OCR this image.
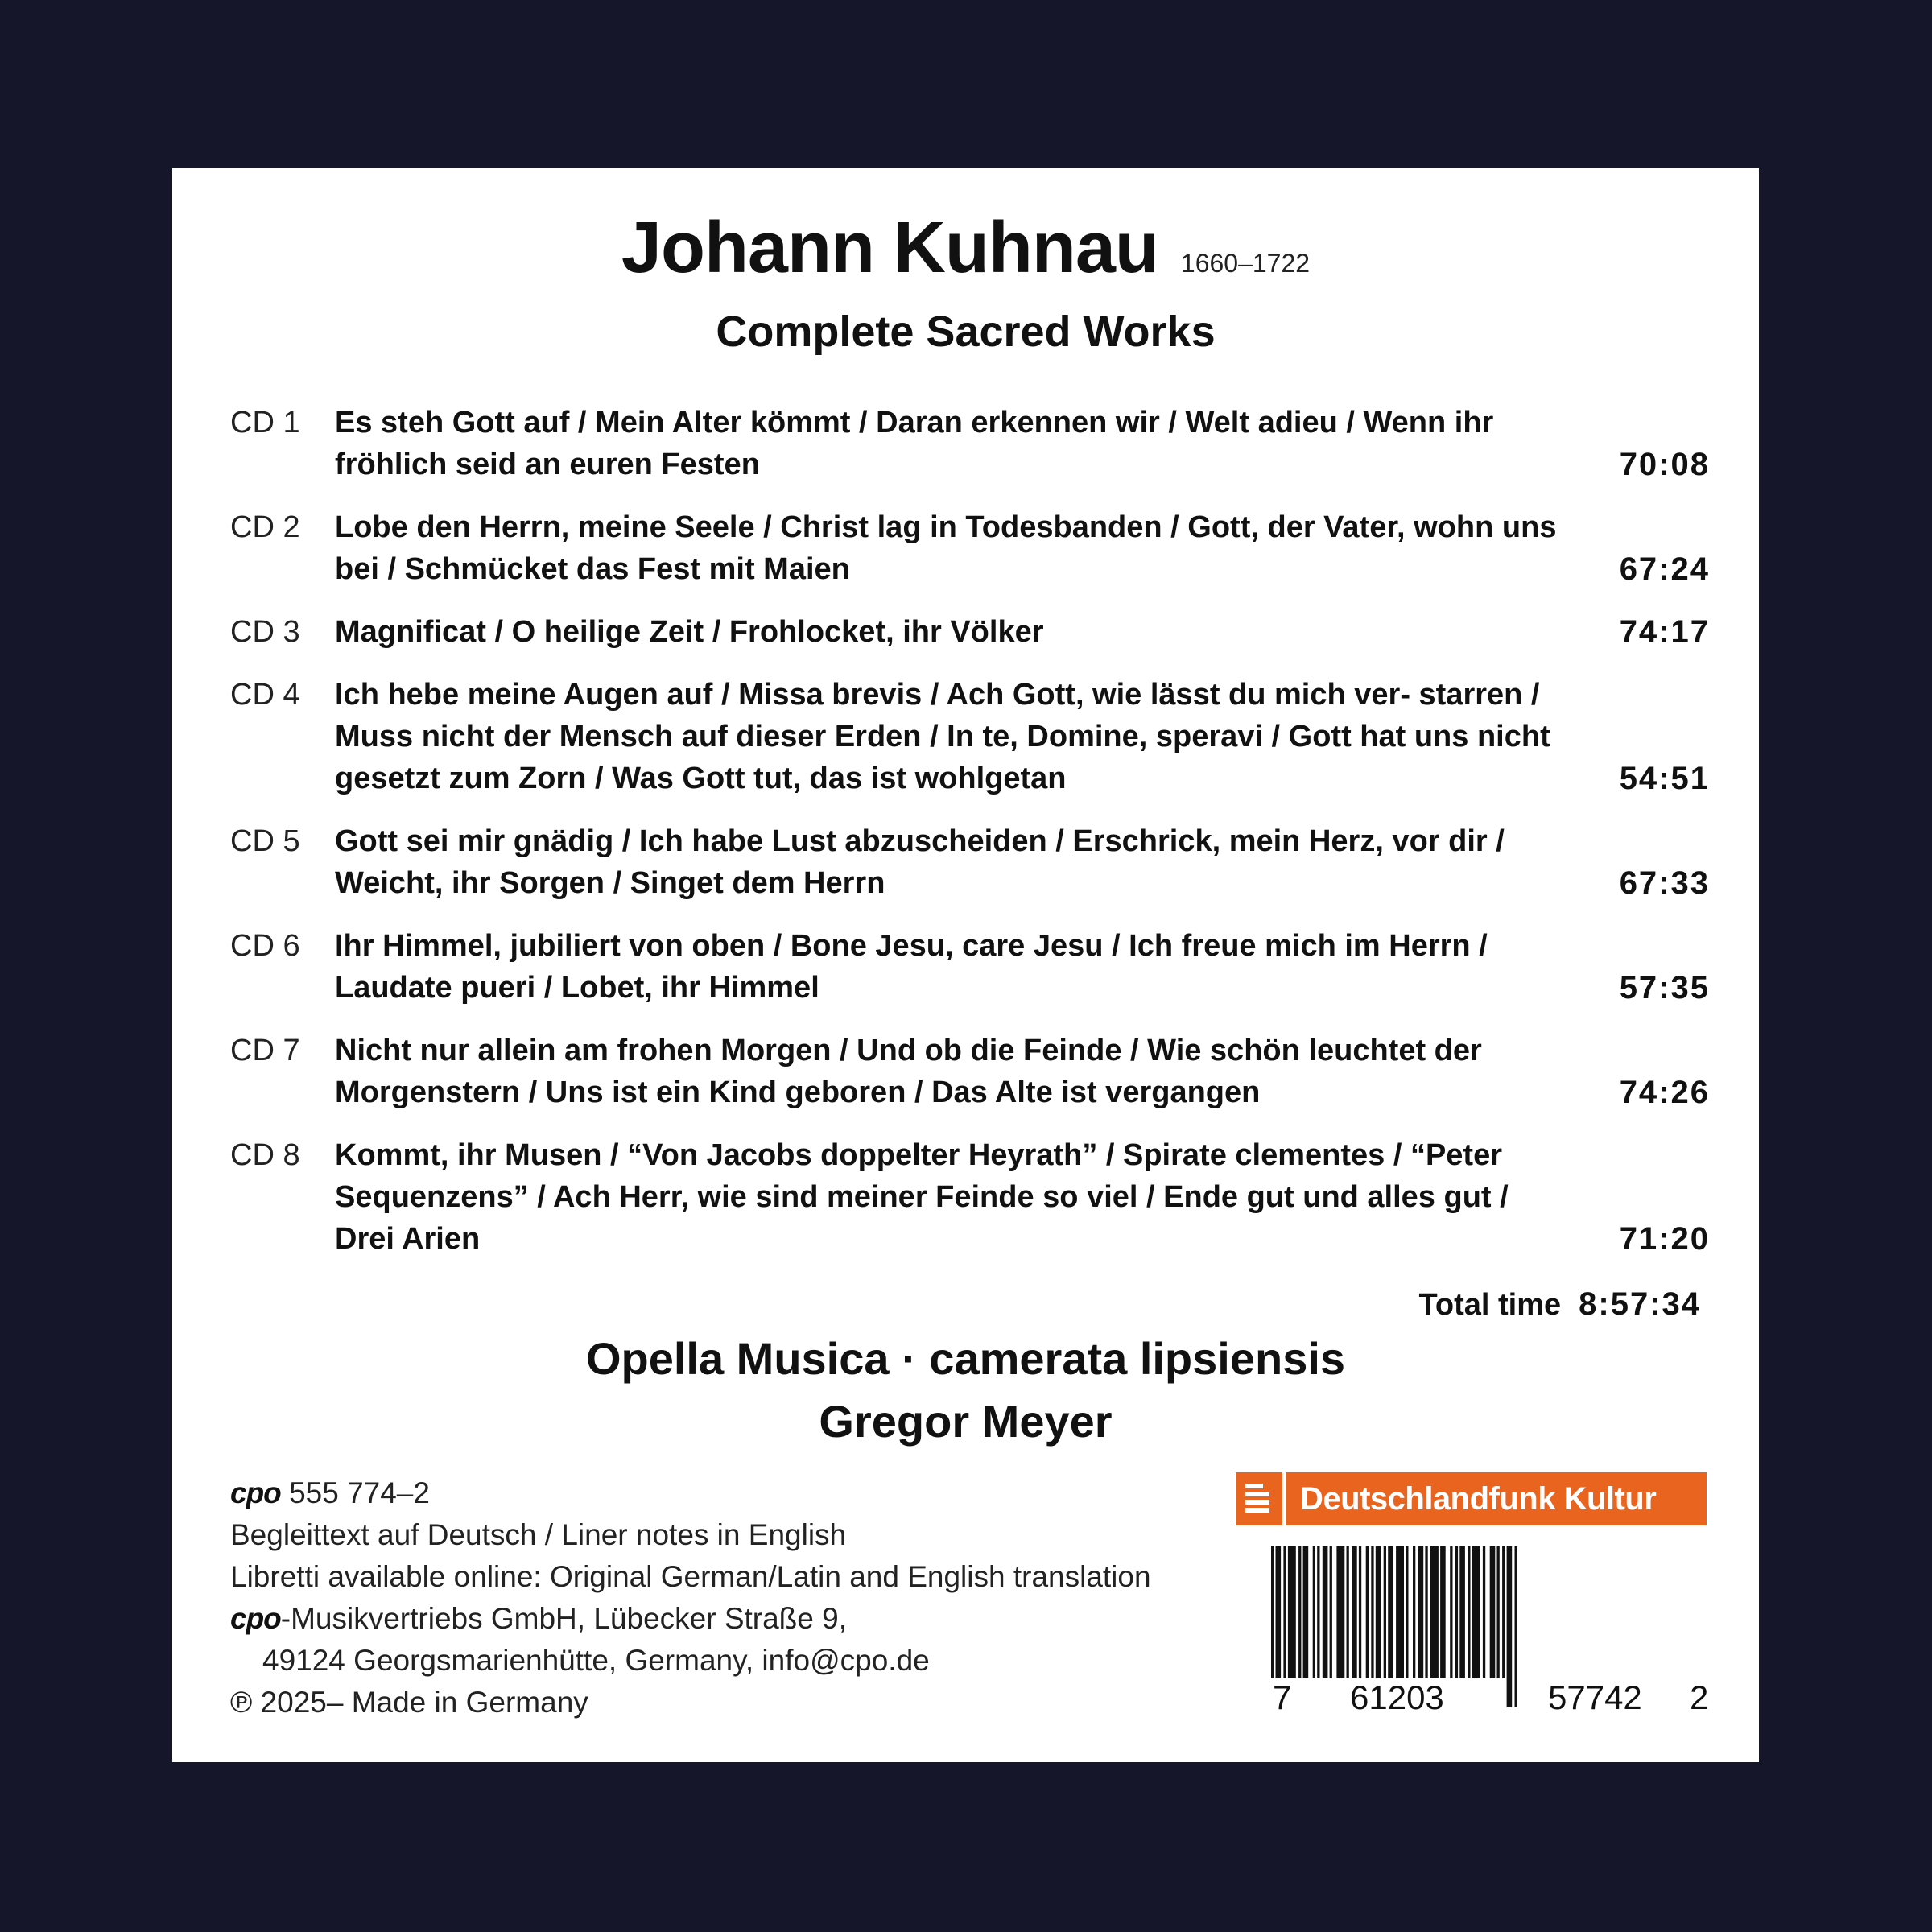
Johann Kuhnau 1660–1722
Complete Sacred Works
CD 1 Es steh Gott auf / Mein Alter kömmt / Daran erkennen wir / Welt adieu / Wenn ihr fröhlich seid an euren Festen	70:08
CD 2 Lobe den Herrn, meine Seele / Christ lag in Todesbanden / Gott, der Vater, wohn uns bei / Schmücket das Fest mit Maien	67:24
CD 3 Magnificat / O heilige Zeit / Frohlocket, ihr Völker	74:17
CD 4 Ich hebe meine Augen auf / Missa brevis / Ach Gott, wie lässt du mich ver- starren / Muss nicht der Mensch auf dieser Erden / In te, Domine, speravi / Gott hat uns nicht gesetzt zum Zorn / Was Gott tut, das ist wohlgetan	54:51
CD 5 Gott sei mir gnädig / Ich habe Lust abzuscheiden / Erschrick, mein Herz, vor dir / Weicht, ihr Sorgen / Singet dem Herrn	67:33
CD 6 Ihr Himmel, jubiliert von oben / Bone Jesu, care Jesu / Ich freue mich im Herrn / Laudate pueri / Lobet, ihr Himmel	57:35
CD 7 Nicht nur allein am frohen Morgen / Und ob die Feinde / Wie schön leuchtet der Morgenstern / Uns ist ein Kind geboren / Das Alte ist vergangen	74:26
CD 8 Kommt, ihr Musen / “Von Jacobs doppelter Heyrath” / Spirate clementes / “Peter Sequenzens” / Ach Herr, wie sind meiner Feinde so viel / Ende gut und alles gut / Drei Arien	71:20
Total time 8:57:34
Opella Musica · camerata lipsiensis
Gregor Meyer
cpo 555 774–2
Begleittext auf Deutsch / Liner notes in English
Libretti available online: Original German/Latin and English translation
cpo-Musikvertriebs GmbH, Lübecker Straße 9,
49124 Georgsmarienhütte, Germany, info@cpo.de
℗ 2025– Made in Germany
Deutschlandfunk Kultur
7 61203	57742 2
